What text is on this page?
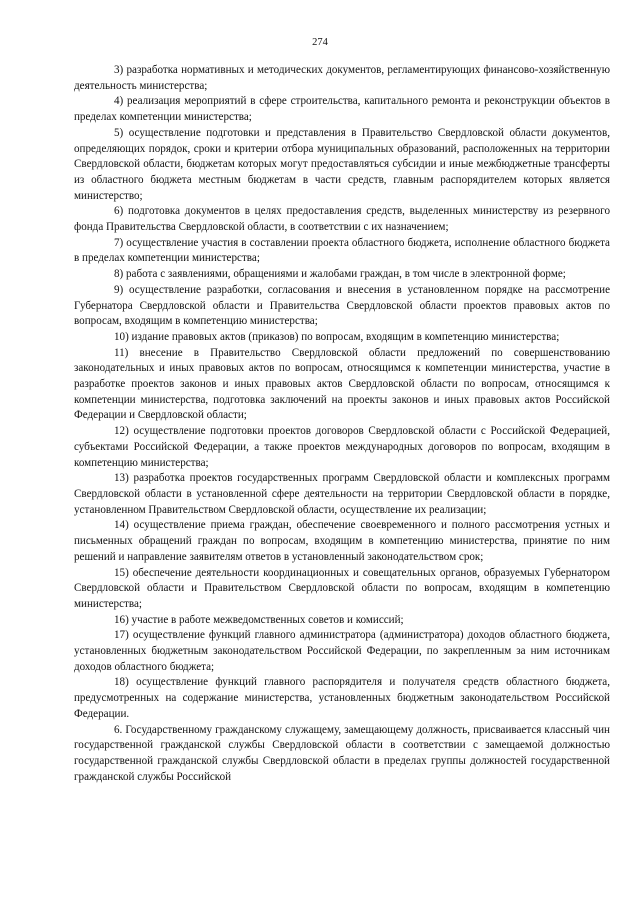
274

3) разработка нормативных и методических документов, регламентирующих финансово-хозяйственную деятельность министерства;

4) реализация мероприятий в сфере строительства, капитального ремонта и реконструкции объектов в пределах компетенции министерства;

5) осуществление подготовки и представления в Правительство Свердловской области документов, определяющих порядок, сроки и критерии отбора муниципальных образований, расположенных на территории Свердловской области, бюджетам которых могут предоставляться субсидии и иные межбюджетные трансферты из областного бюджета местным бюджетам в части средств, главным распорядителем которых является министерство;

6) подготовка документов в целях предоставления средств, выделенных министерству из резервного фонда Правительства Свердловской области, в соответствии с их назначением;

7) осуществление участия в составлении проекта областного бюджета, исполнение областного бюджета в пределах компетенции министерства;

8) работа с заявлениями, обращениями и жалобами граждан, в том числе в электронной форме;

9) осуществление разработки, согласования и внесения в установленном порядке на рассмотрение Губернатора Свердловской области и Правительства Свердловской области проектов правовых актов по вопросам, входящим в компетенцию министерства;

10) издание правовых актов (приказов) по вопросам, входящим в компетенцию министерства;

11) внесение в Правительство Свердловской области предложений по совершенствованию законодательных и иных правовых актов по вопросам, относящимся к компетенции министерства, участие в разработке проектов законов и иных правовых актов Свердловской области по вопросам, относящимся к компетенции министерства, подготовка заключений на проекты законов и иных правовых актов Российской Федерации и Свердловской области;

12) осуществление подготовки проектов договоров Свердловской области с Российской Федерацией, субъектами Российской Федерации, а также проектов международных договоров по вопросам, входящим в компетенцию министерства;

13) разработка проектов государственных программ Свердловской области и комплексных программ Свердловской области в установленной сфере деятельности на территории Свердловской области в порядке, установленном Правительством Свердловской области, осуществление их реализации;

14) осуществление приема граждан, обеспечение своевременного и полного рассмотрения устных и письменных обращений граждан по вопросам, входящим в компетенцию министерства, принятие по ним решений и направление заявителям ответов в установленный законодательством срок;

15) обеспечение деятельности координационных и совещательных органов, образуемых Губернатором Свердловской области и Правительством Свердловской области по вопросам, входящим в компетенцию министерства;

16) участие в работе межведомственных советов и комиссий;

17) осуществление функций главного администратора (администратора) доходов областного бюджета, установленных бюджетным законодательством Российской Федерации, по закрепленным за ним источникам доходов областного бюджета;

18) осуществление функций главного распорядителя и получателя средств областного бюджета, предусмотренных на содержание министерства, установленных бюджетным законодательством Российской Федерации.

6. Государственному гражданскому служащему, замещающему должность, присваивается классный чин государственной гражданской службы Свердловской области в соответствии с замещаемой должностью государственной гражданской службы Свердловской области в пределах группы должностей государственной гражданской службы Российской
